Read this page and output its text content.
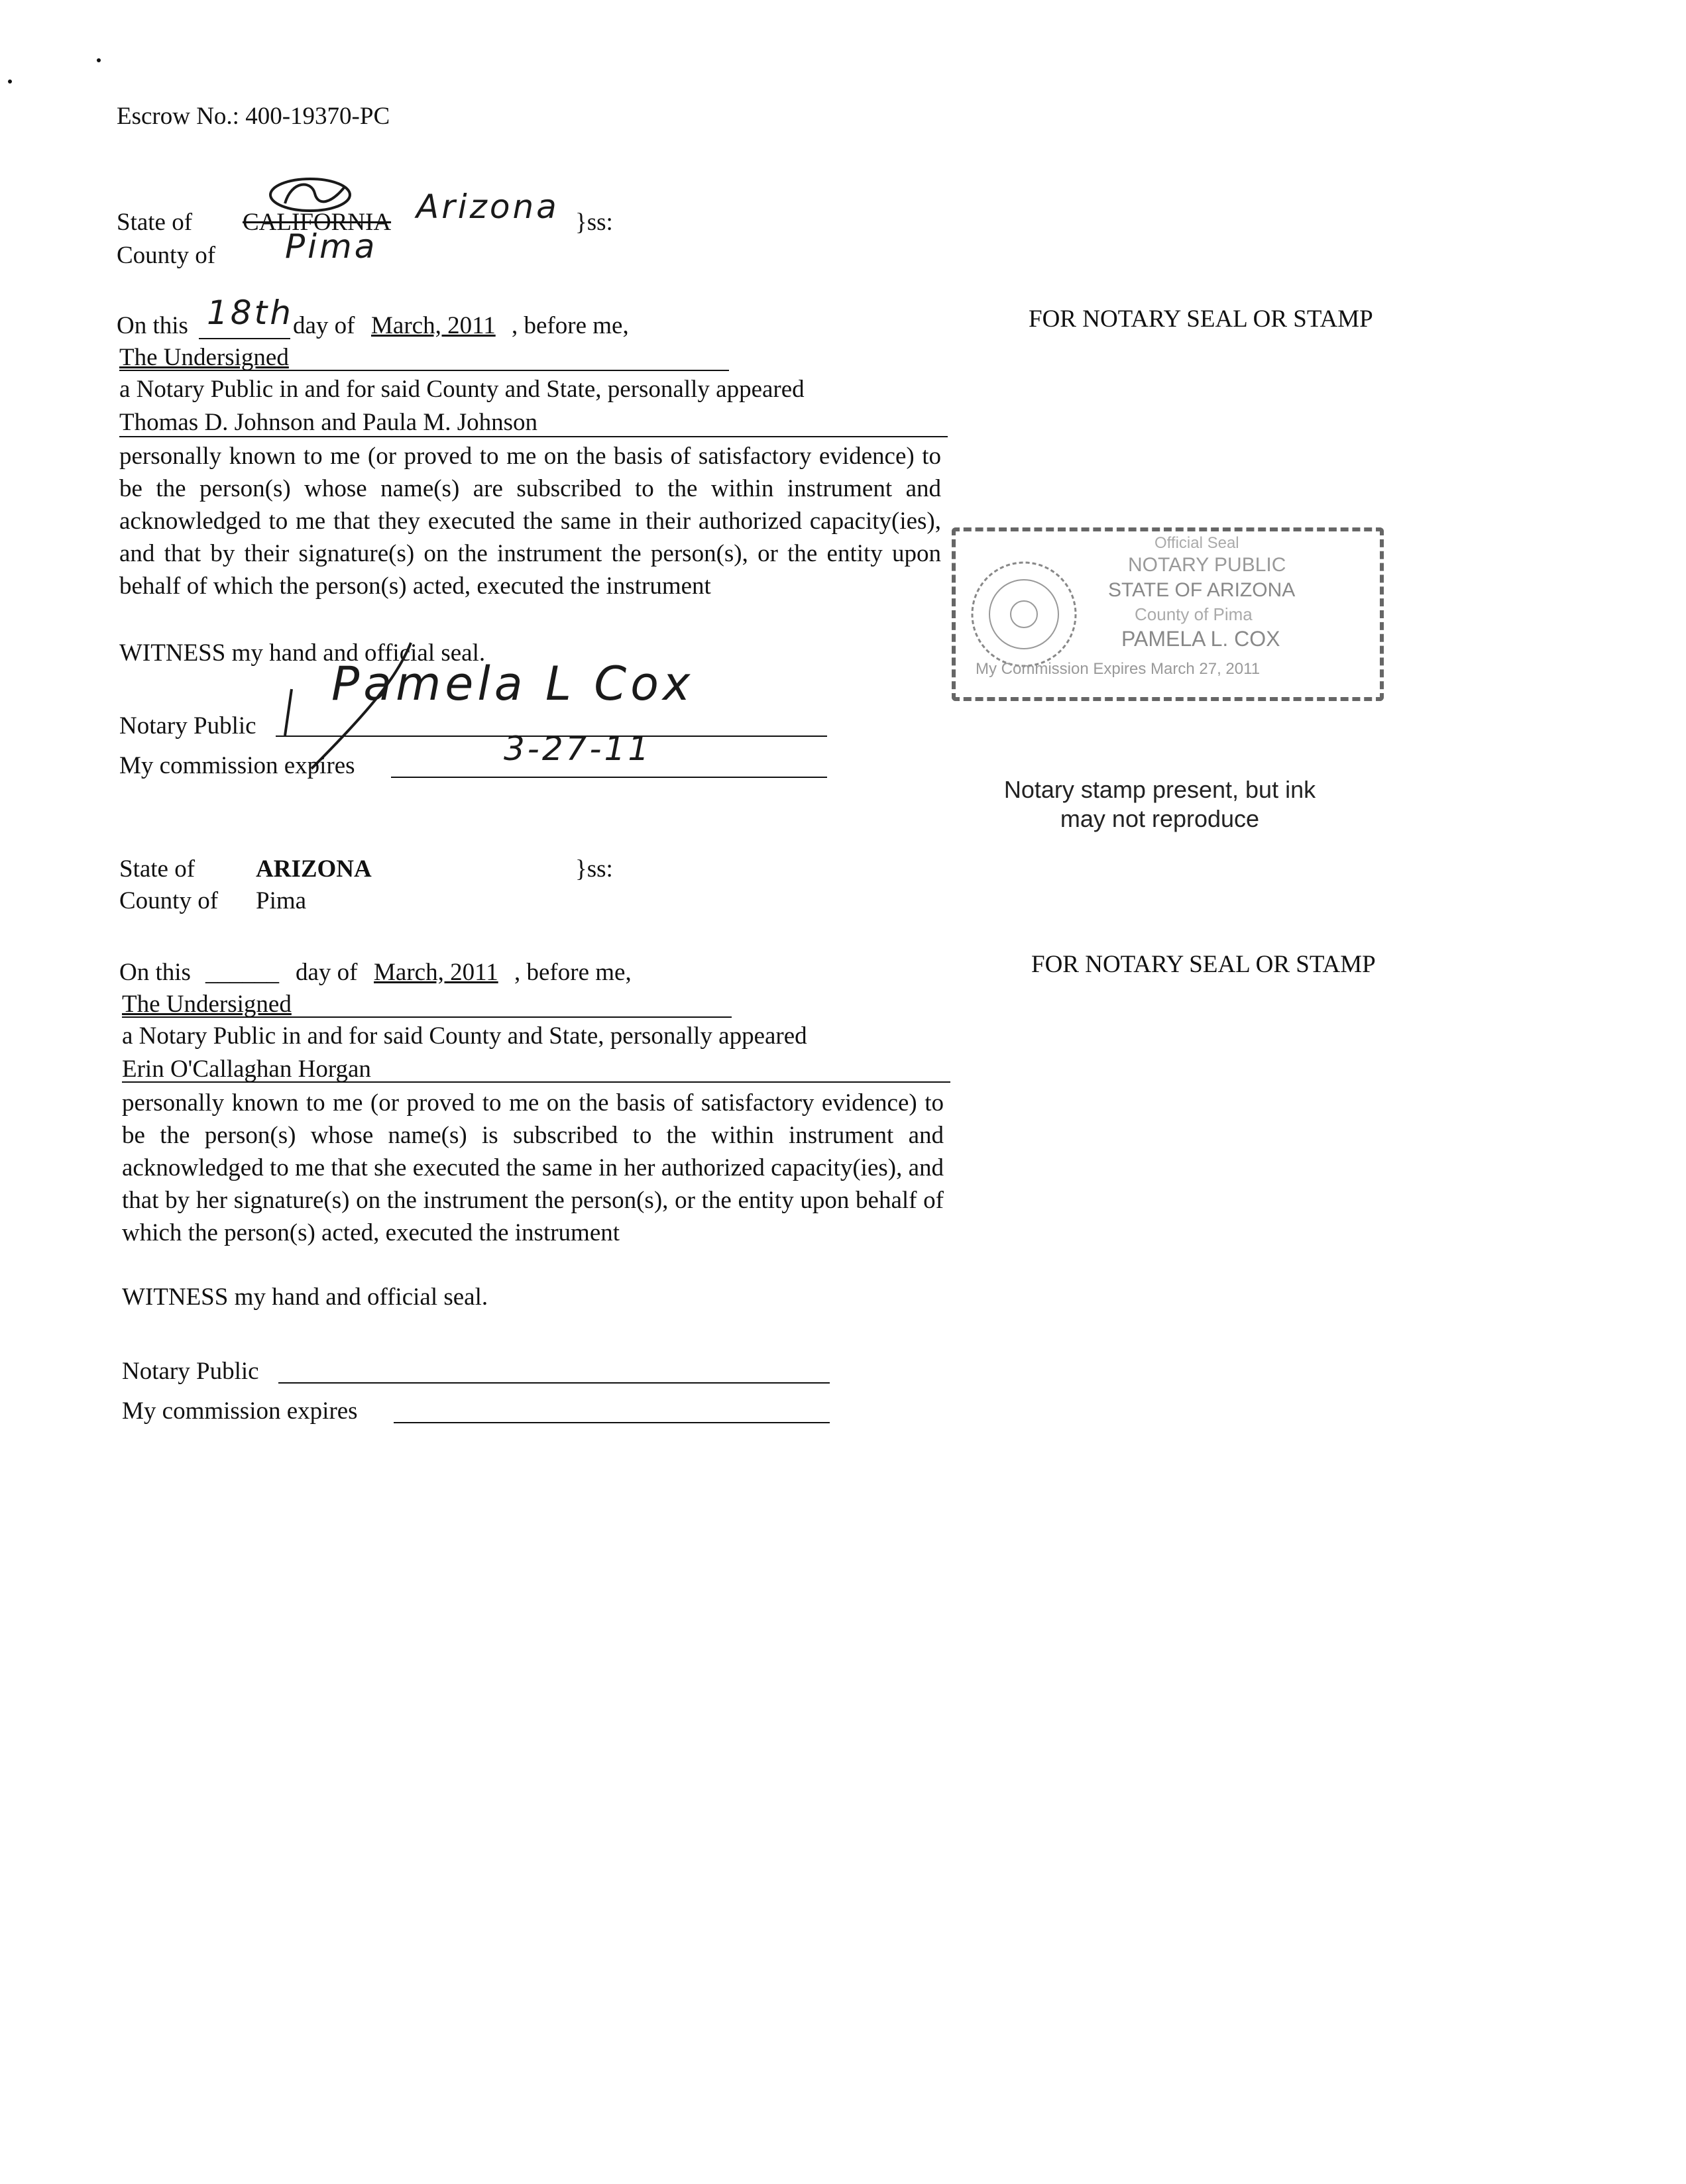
Escrow No.: 400-19370-PC
State of CALIFORNIA Arizona }ss:
County of Pima
On this 18th day of March, 2011 , before me,
The Undersigned
a Notary Public in and for said County and State, personally appeared
Thomas D. Johnson and Paula M. Johnson
personally known to me (or proved to me on the basis of satisfactory evidence) to be the person(s) whose name(s) are subscribed to the within instrument and acknowledged to me that they executed the same in their authorized capacity(ies), and that by their signature(s) on the instrument the person(s), or the entity upon behalf of which the person(s) acted, executed the instrument
WITNESS my hand and official seal.
Notary Public
Pamela L Cox
My commission expires	3-27-11
FOR NOTARY SEAL OR STAMP
Official Seal
NOTARY PUBLIC
STATE OF ARIZONA
County of Pima
PAMELA L. COX
My Commission Expires March 27, 2011
Notary stamp present, but ink
may not reproduce
State of ARIZONA	}ss:
County of Pima
On this ______ day of March, 2011 , before me,
The Undersigned
a Notary Public in and for said County and State, personally appeared
Erin O'Callaghan Horgan
personally known to me (or proved to me on the basis of satisfactory evidence) to be the person(s) whose name(s) is subscribed to the within instrument and acknowledged to me that she executed the same in her authorized capacity(ies), and that by her signature(s) on the instrument the person(s), or the entity upon behalf of which the person(s) acted, executed the instrument
WITNESS my hand and official seal.
Notary Public
My commission expires
FOR NOTARY SEAL OR STAMP
